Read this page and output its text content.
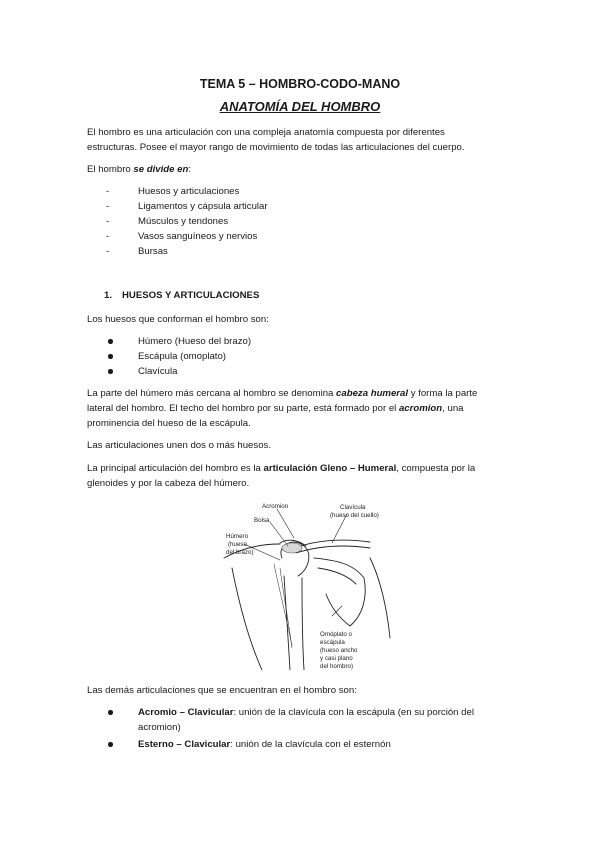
TEMA 5 – HOMBRO-CODO-MANO
ANATOMÍA DEL HOMBRO
El hombro es una articulación con una compleja anatomía compuesta por diferentes
estructuras. Posee el mayor rango de movimiento de todas las articulaciones del cuerpo.
El hombro se divide en:
- Huesos y articulaciones
- Ligamentos y cápsula articular
- Músculos y tendones
- Vasos sanguíneos y nervios
- Bursas
1. HUESOS Y ARTICULACIONES
Los huesos que conforman el hombro son:
Húmero (Hueso del brazo)
Escápula (omoplato)
Clavícula
La parte del húmero más cercana al hombro se denomina cabeza humeral y forma la parte
lateral del hombro. El techo del hombro por su parte, está formado por el acromion, una
prominencia del hueso de la escápula.
Las articulaciones unen dos o más huesos.
La principal articulación del hombro es la articulación Gleno – Humeral, compuesta por la
glenoides y por la cabeza del húmero.
Acromion
Bolsa
Clavícula
(hueso del cuello)
Húmero
(hueso
del brazo)
Omóplato o
escápula
(hueso ancho
y casi plano
del hombro)
Las demás articulaciones que se encuentran en el hombro son:
Acromio – Clavicular: unión de la clavícula con la escápula (en su porción del
acromion)
Esterno – Clavicular: unión de la clavícula con el esternón
